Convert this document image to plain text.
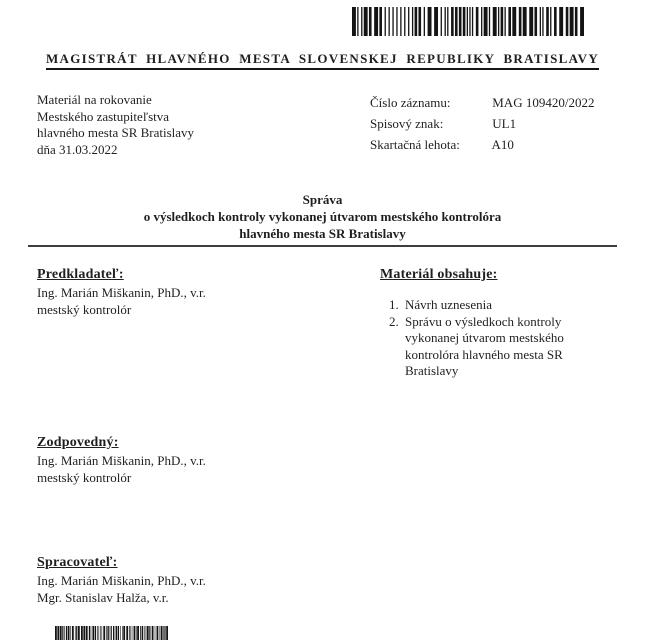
MAGISTRÁT HLAVNÉHO MESTA SLOVENSKEJ REPUBLIKY BRATISLAVY
Materiál na rokovanie
Mestského zastupiteľstva
hlavného mesta SR Bratislavy
dňa 31.03.2022
Číslo záznamu:	MAG 109420/2022
Spisový znak:	UL1
Skartačná lehota: A10
Správa
o výsledkoch kontroly vykonanej útvarom mestského kontrolóra
hlavného mesta SR Bratislavy
Predkladateľ:
Ing. Marián Miškanin, PhD., v.r.
mestský kontrolór
Materiál obsahuje:
1. Návrh uznesenia
2. Správu o výsledkoch kontroly vykonanej útvarom mestského kontrolóra hlavného mesta SR Bratislavy
Zodpovedný:
Ing. Marián Miškanin, PhD., v.r.
mestský kontrolór
Spracovateľ:
Ing. Marián Miškanin, PhD., v.r.
Mgr. Stanislav Halža, v.r.
